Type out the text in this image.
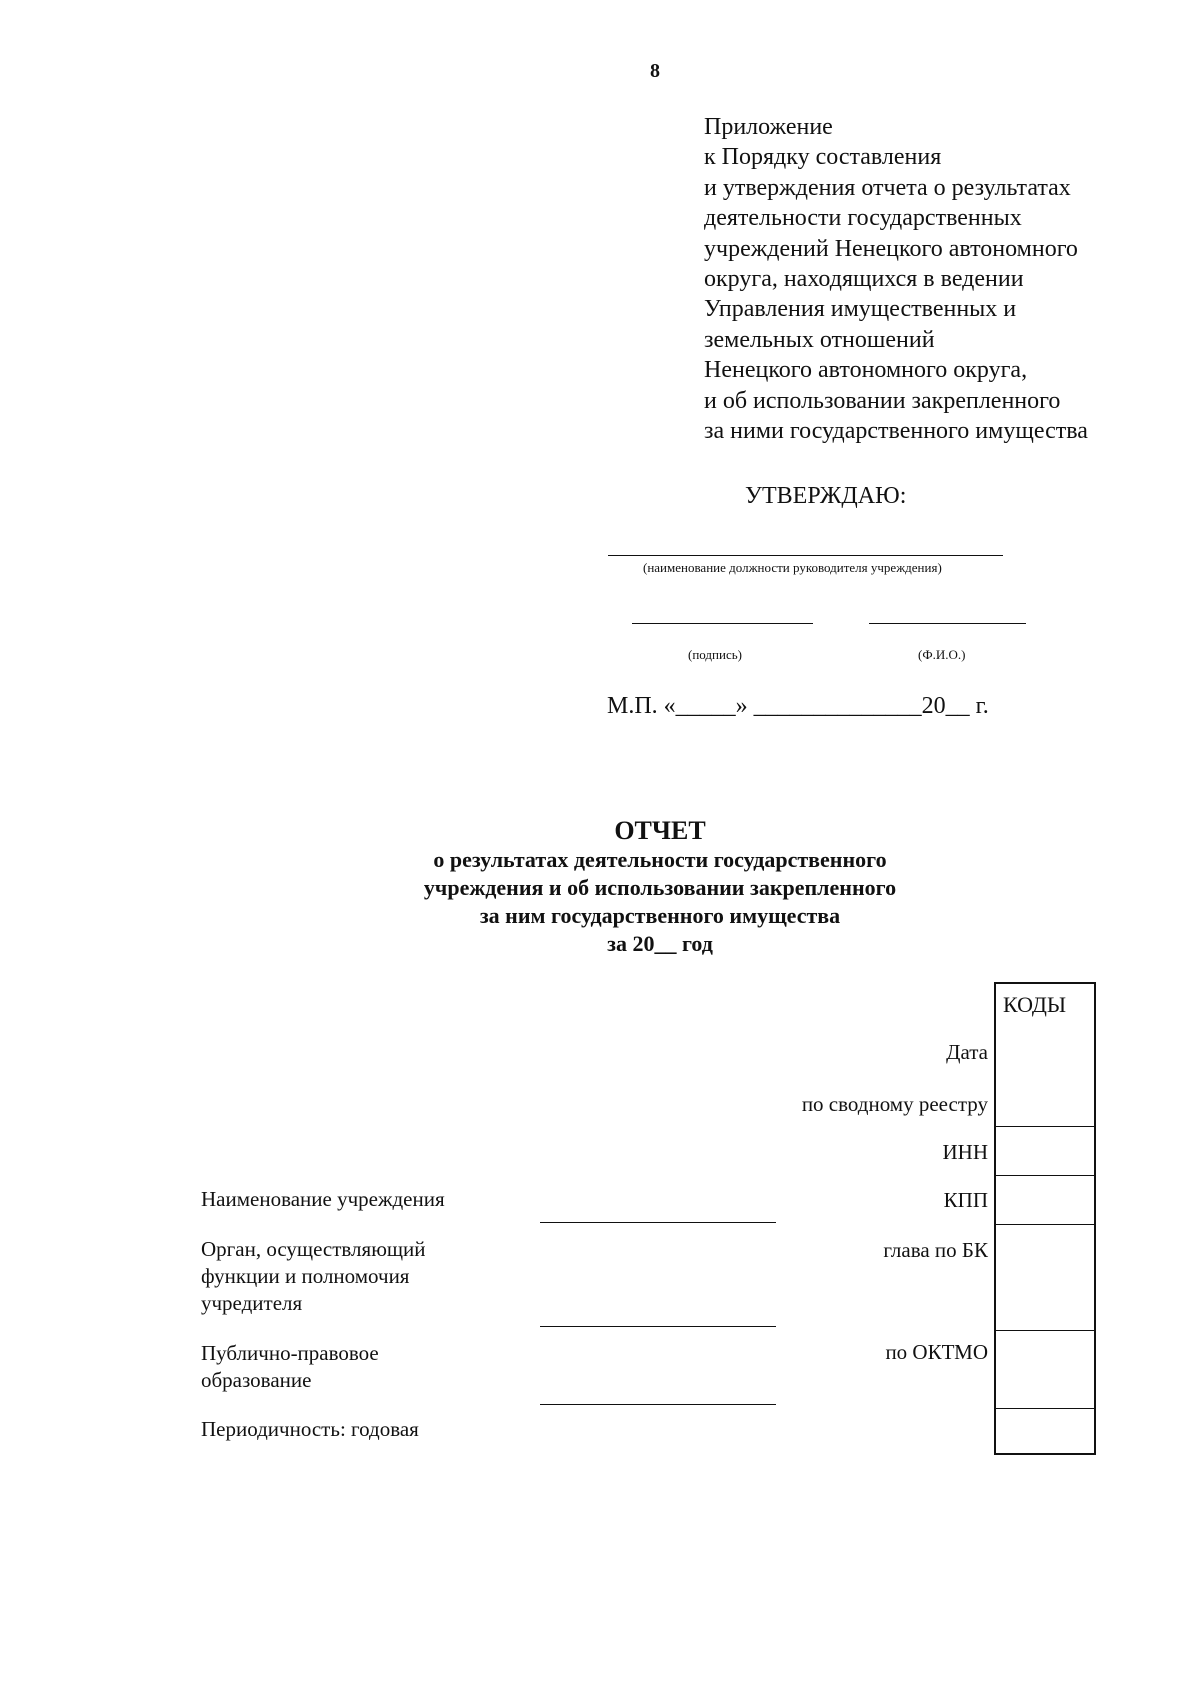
8
Приложение
к Порядку составления
и утверждения отчета о результатах
деятельности государственных
учреждений Ненецкого автономного
округа, находящихся в ведении
Управления имущественных и
земельных отношений
Ненецкого автономного округа,
и об использовании закрепленного
за ними государственного имущества
УТВЕРЖДАЮ:
(наименование должности руководителя учреждения)
(подпись)	(Ф.И.О.)
М.П. «_____» ______________20__ г.
ОТЧЕТ
о результатах деятельности государственного
учреждения и об использовании закрепленного
за ним государственного имущества
за 20__ год
КОДЫ
Дата
по сводному реестру
ИНН
КПП
глава по БК
по ОКТМО
Наименование учреждения
Орган, осуществляющий
функции и полномочия
учредителя
Публично-правовое
образование
Периодичность: годовая
